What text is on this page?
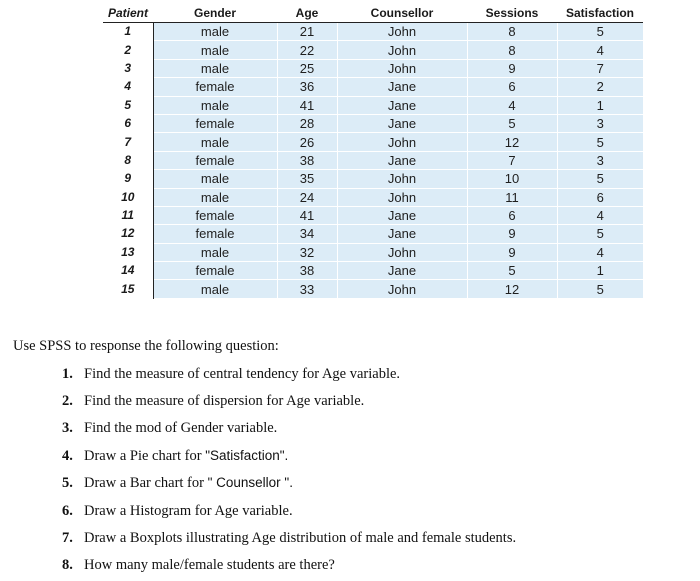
Patient	Gender	Age	Counsellor	Sessions	Satisfaction
1	male	21	John	8	5
2	male	22	John	8	4
3	male	25	John	9	7
4	female	36	Jane	6	2
5	male	41	Jane	4	1
6	female	28	Jane	5	3
7	male	26	John	12	5
8	female	38	Jane	7	3
9	male	35	John	10	5
10	male	24	John	11	6
11	female	41	Jane	6	4
12	female	34	Jane	9	5
13	male	32	John	9	4
14	female	38	Jane	5	1
15	male	33	John	12	5
Use SPSS to response the following question:
1. Find the measure of central tendency for Age variable.
2. Find the measure of dispersion for Age variable.
3. Find the mod of Gender variable.
4. Draw a Pie chart for "Satisfaction".
5. Draw a Bar chart for " Counsellor ".
6. Draw a Histogram for Age variable.
7. Draw a Boxplots illustrating Age distribution of male and female students.
8. How many male/female students are there?
